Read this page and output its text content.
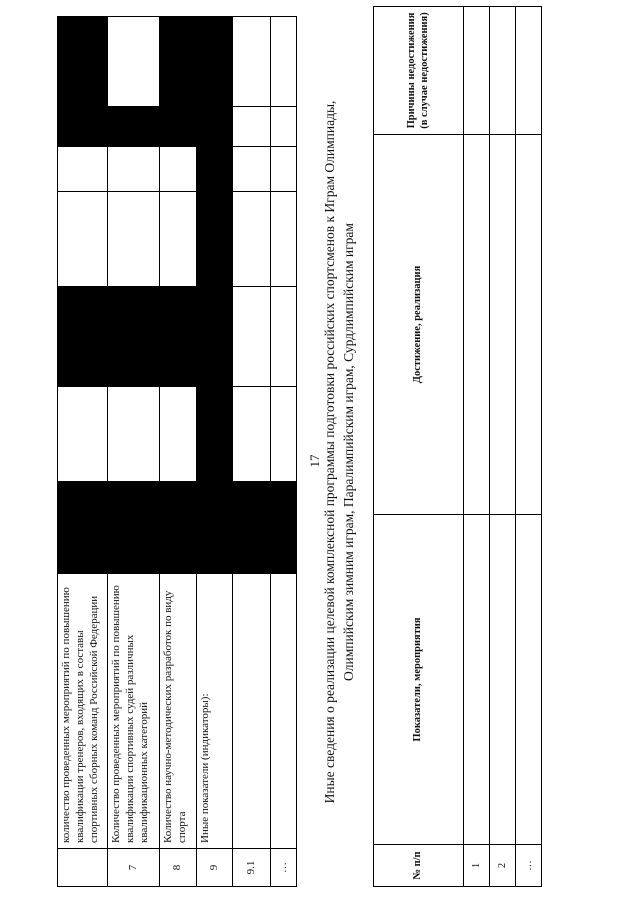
17
	количество проведенных мероприятий по повышению квалификации тренеров, входящих в составы спортивных сборных команд Российской Федерации							
7	Количество проведенных мероприятий по повышению квалификации спортивных судей различных квалификационных категорий							
8	Количество научно-методических разработок по виду спорта							
9	Иные показатели (индикаторы):							
9.1								
…								
Иные сведения о реализации целевой комплексной программы подготовки российских спортсменов к Играм Олимпиады, Олимпийским зимним играм, Паралимпийским играм, Сурдлимпийским играм
№ п/п	Показатели, мероприятия	Достижение, реализация	Причины недостижения (в случае недостижения)
1			
2			
…			
